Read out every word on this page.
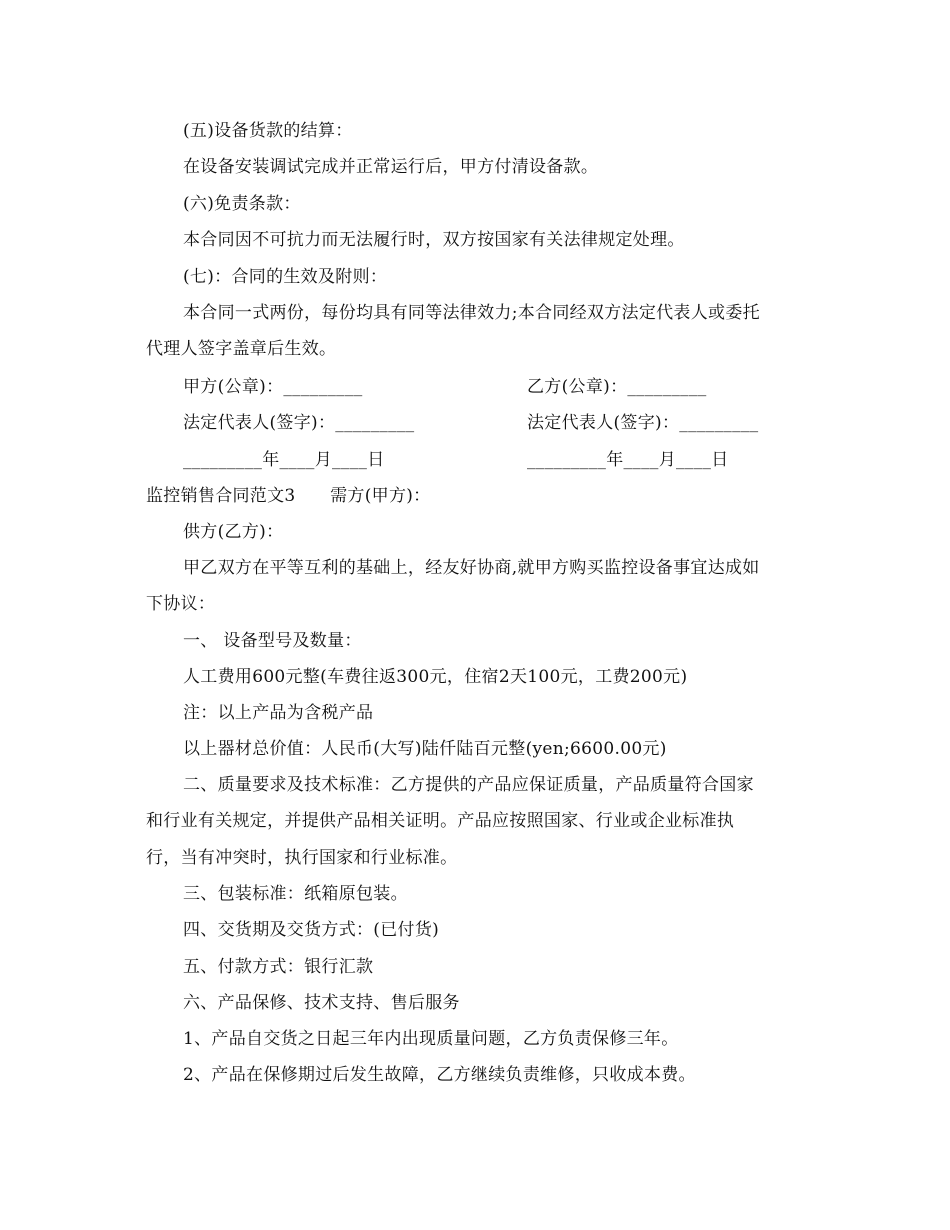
(五)设备货款的结算：
在设备安装调试完成并正常运行后，甲方付清设备款。
(六)免责条款：
本合同因不可抗力而无法履行时，双方按国家有关法律规定处理。
(七)：合同的生效及附则：
本合同一式两份，每份均具有同等法律效力;本合同经双方法定代表人或委托
代理人签字盖章后生效。
甲方(公章)：_________	乙方(公章)：_________
法定代表人(签字)：_________	法定代表人(签字)：_________
_________年____月____日	_________年____月____日
监控销售合同范文3　　需方(甲方)：
供方(乙方)：
甲乙双方在平等互利的基础上，经友好协商,就甲方购买监控设备事宜达成如
下协议：
一、 设备型号及数量：
人工费用600元整(车费往返300元，住宿2天100元，工费200元)
注：以上产品为含税产品
以上器材总价值：人民币(大写)陆仟陆百元整(yen;6600.00元)
二、质量要求及技术标准：乙方提供的产品应保证质量，产品质量符合国家
和行业有关规定，并提供产品相关证明。产品应按照国家、行业或企业标准执
行，当有冲突时，执行国家和行业标准。
三、包装标准：纸箱原包装。
四、交货期及交货方式：(已付货)
五、付款方式：银行汇款
六、产品保修、技术支持、售后服务
1、产品自交货之日起三年内出现质量问题，乙方负责保修三年。
2、产品在保修期过后发生故障，乙方继续负责维修，只收成本费。
